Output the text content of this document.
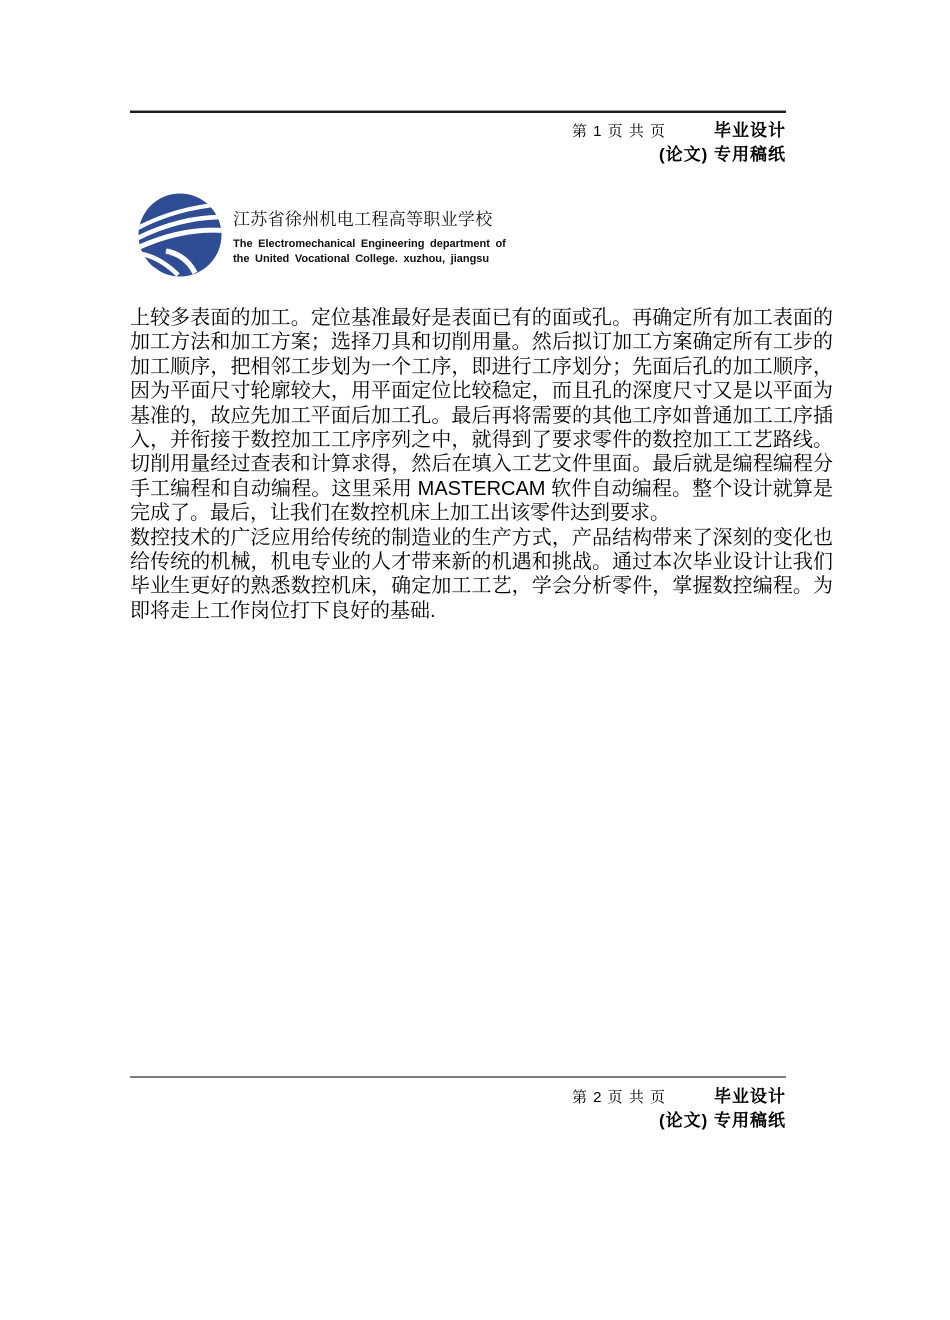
第 1 页 共 页	毕业设计
(论文) 专用稿纸
江苏省徐州机电工程高等职业学校
The Electromechanical Engineering department of
the United Vocational College. xuzhou, jiangsu

上较多表面的加工。定位基准最好是表面已有的面或孔。再确定所有加工表面的加工方法和加工方案；选择刀具和切削用量。然后拟订加工方案确定所有工步的加工顺序，把相邻工步划为一个工序，即进行工序划分；先面后孔的加工顺序，因为平面尺寸轮廓较大，用平面定位比较稳定，而且孔的深度尺寸又是以平面为基准的，故应先加工平面后加工孔。最后再将需要的其他工序如普通加工工序插入，并衔接于数控加工工序序列之中，就得到了要求零件的数控加工工艺路线。切削用量经过查表和计算求得，然后在填入工艺文件里面。最后就是编程编程分手工编程和自动编程。这里采用 MASTERCAM 软件自动编程。整个设计就算是完成了。最后，让我们在数控机床上加工出该零件达到要求。

数控技术的广泛应用给传统的制造业的生产方式，产品结构带来了深刻的变化也给传统的机械，机电专业的人才带来新的机遇和挑战。通过本次毕业设计让我们毕业生更好的熟悉数控机床，确定加工工艺，学会分析零件，掌握数控编程。为即将走上工作岗位打下良好的基础.

第 2 页 共 页	毕业设计
(论文) 专用稿纸
